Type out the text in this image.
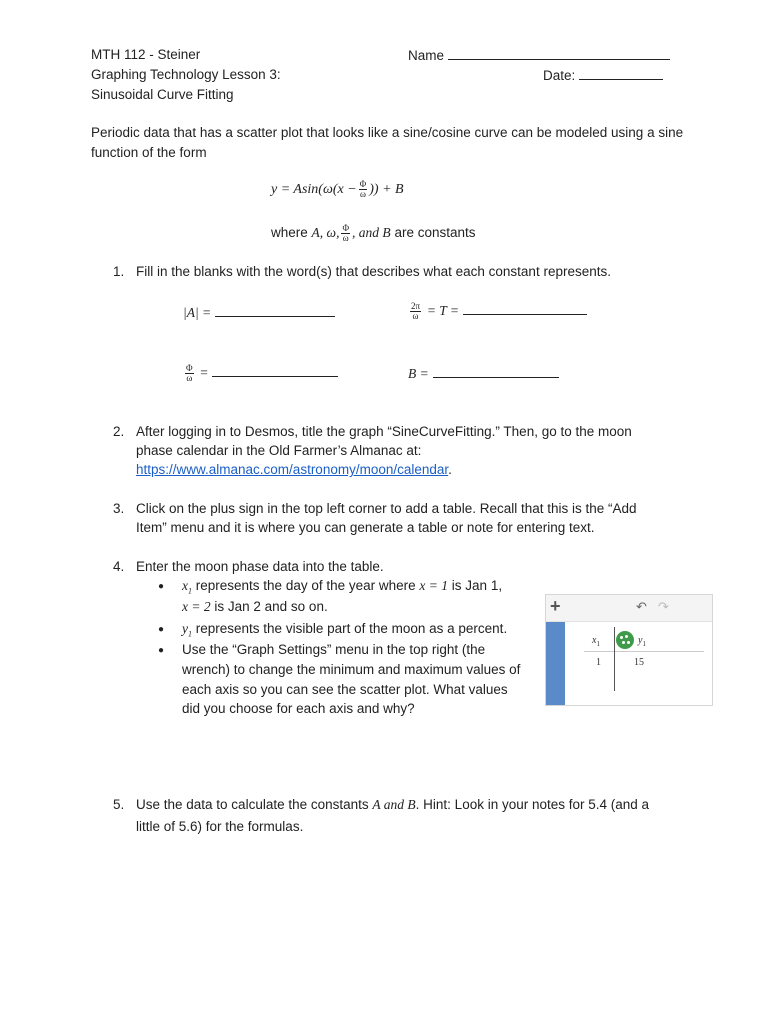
MTH 112 - Steiner
Graphing Technology Lesson 3:
Sinusoidal Curve Fitting
Name
Date:
Periodic data that has a scatter plot that looks like a sine/cosine curve can be modeled using a sine function of the form
$y = Asin(\omega(x - \frac{\Phi}{\omega}$ )) + B
where A, ω, $\frac{\Phi}{\omega}$ , and B are constants
1. Fill in the blanks with the word(s) that describes what each constant represents.
|A| =	$\frac{2\pi}{\omega} = T$ =
$\frac{\Phi}{\omega}$ =	B =
2. After logging in to Desmos, title the graph “SineCurveFitting.” Then, go to the moon
phase calendar in the Old Farmer’s Almanac at:
https://www.almanac.com/astronomy/moon/calendar.
3. Click on the plus sign in the top left corner to add a table. Recall that this is the “Add
Item” menu and it is where you can generate a table or note for entering text.
4. Enter the moon phase data into the table.
● $x_1$ represents the day of the year where x = 1 is Jan 1,
x = 2 is Jan 2 and so on.
● $y_1$ represents the visible part of the moon as a percent.
● Use the “Graph Settings” menu in the top right (the
wrench) to change the minimum and maximum values of
each axis so you can see the scatter plot. What values
did you choose for each axis and why?
+	↶ ↷
$x_1$	$y_1$
1	15
5. Use the data to calculate the constants A and B. Hint: Look in your notes for 5.4 (and a
little of 5.6) for the formulas.
